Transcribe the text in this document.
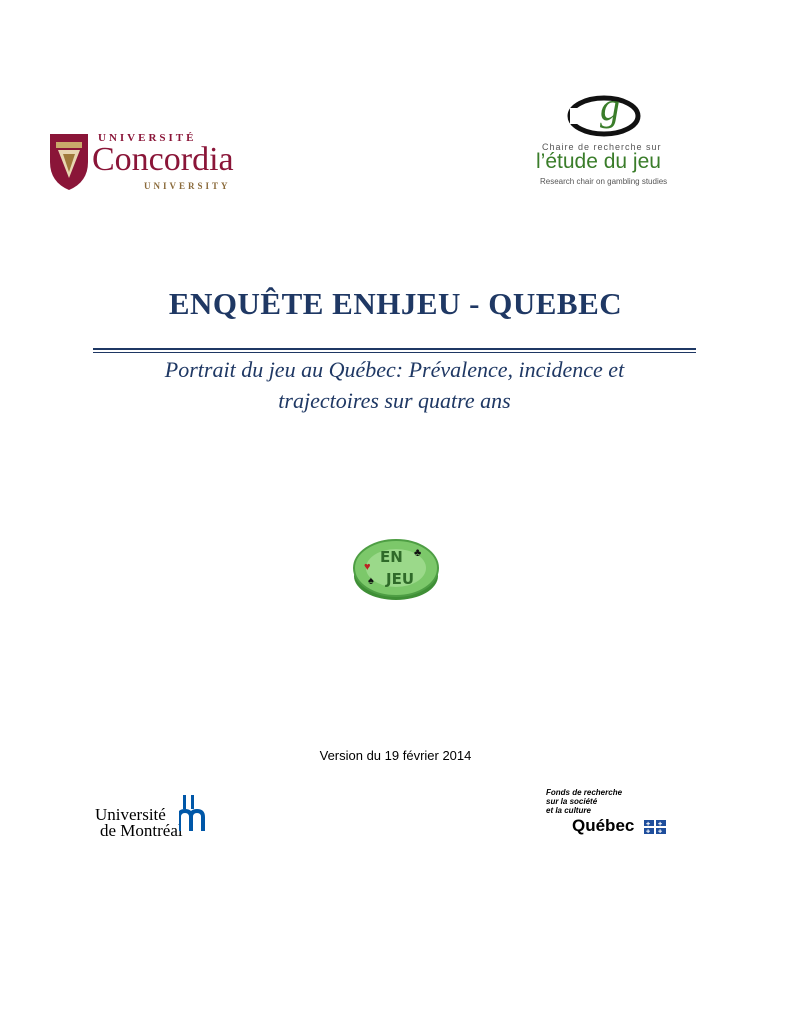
UNIVERSITÉ
Concordia
UNIVERSITY
g
Chaire de recherche sur
l’étude du jeu
Research chair on gambling studies
ENQUÊTE ENHJEU - QUEBEC
Portrait du jeu au Québec: Prévalence, incidence et
trajectoires sur quatre ans
EN
JEU
♥
♣
♠
Version du 19 février 2014
Université
de Montréal
Fonds de recherche
sur la société
et la culture
Québec ✚ ✚
✚ ✚
